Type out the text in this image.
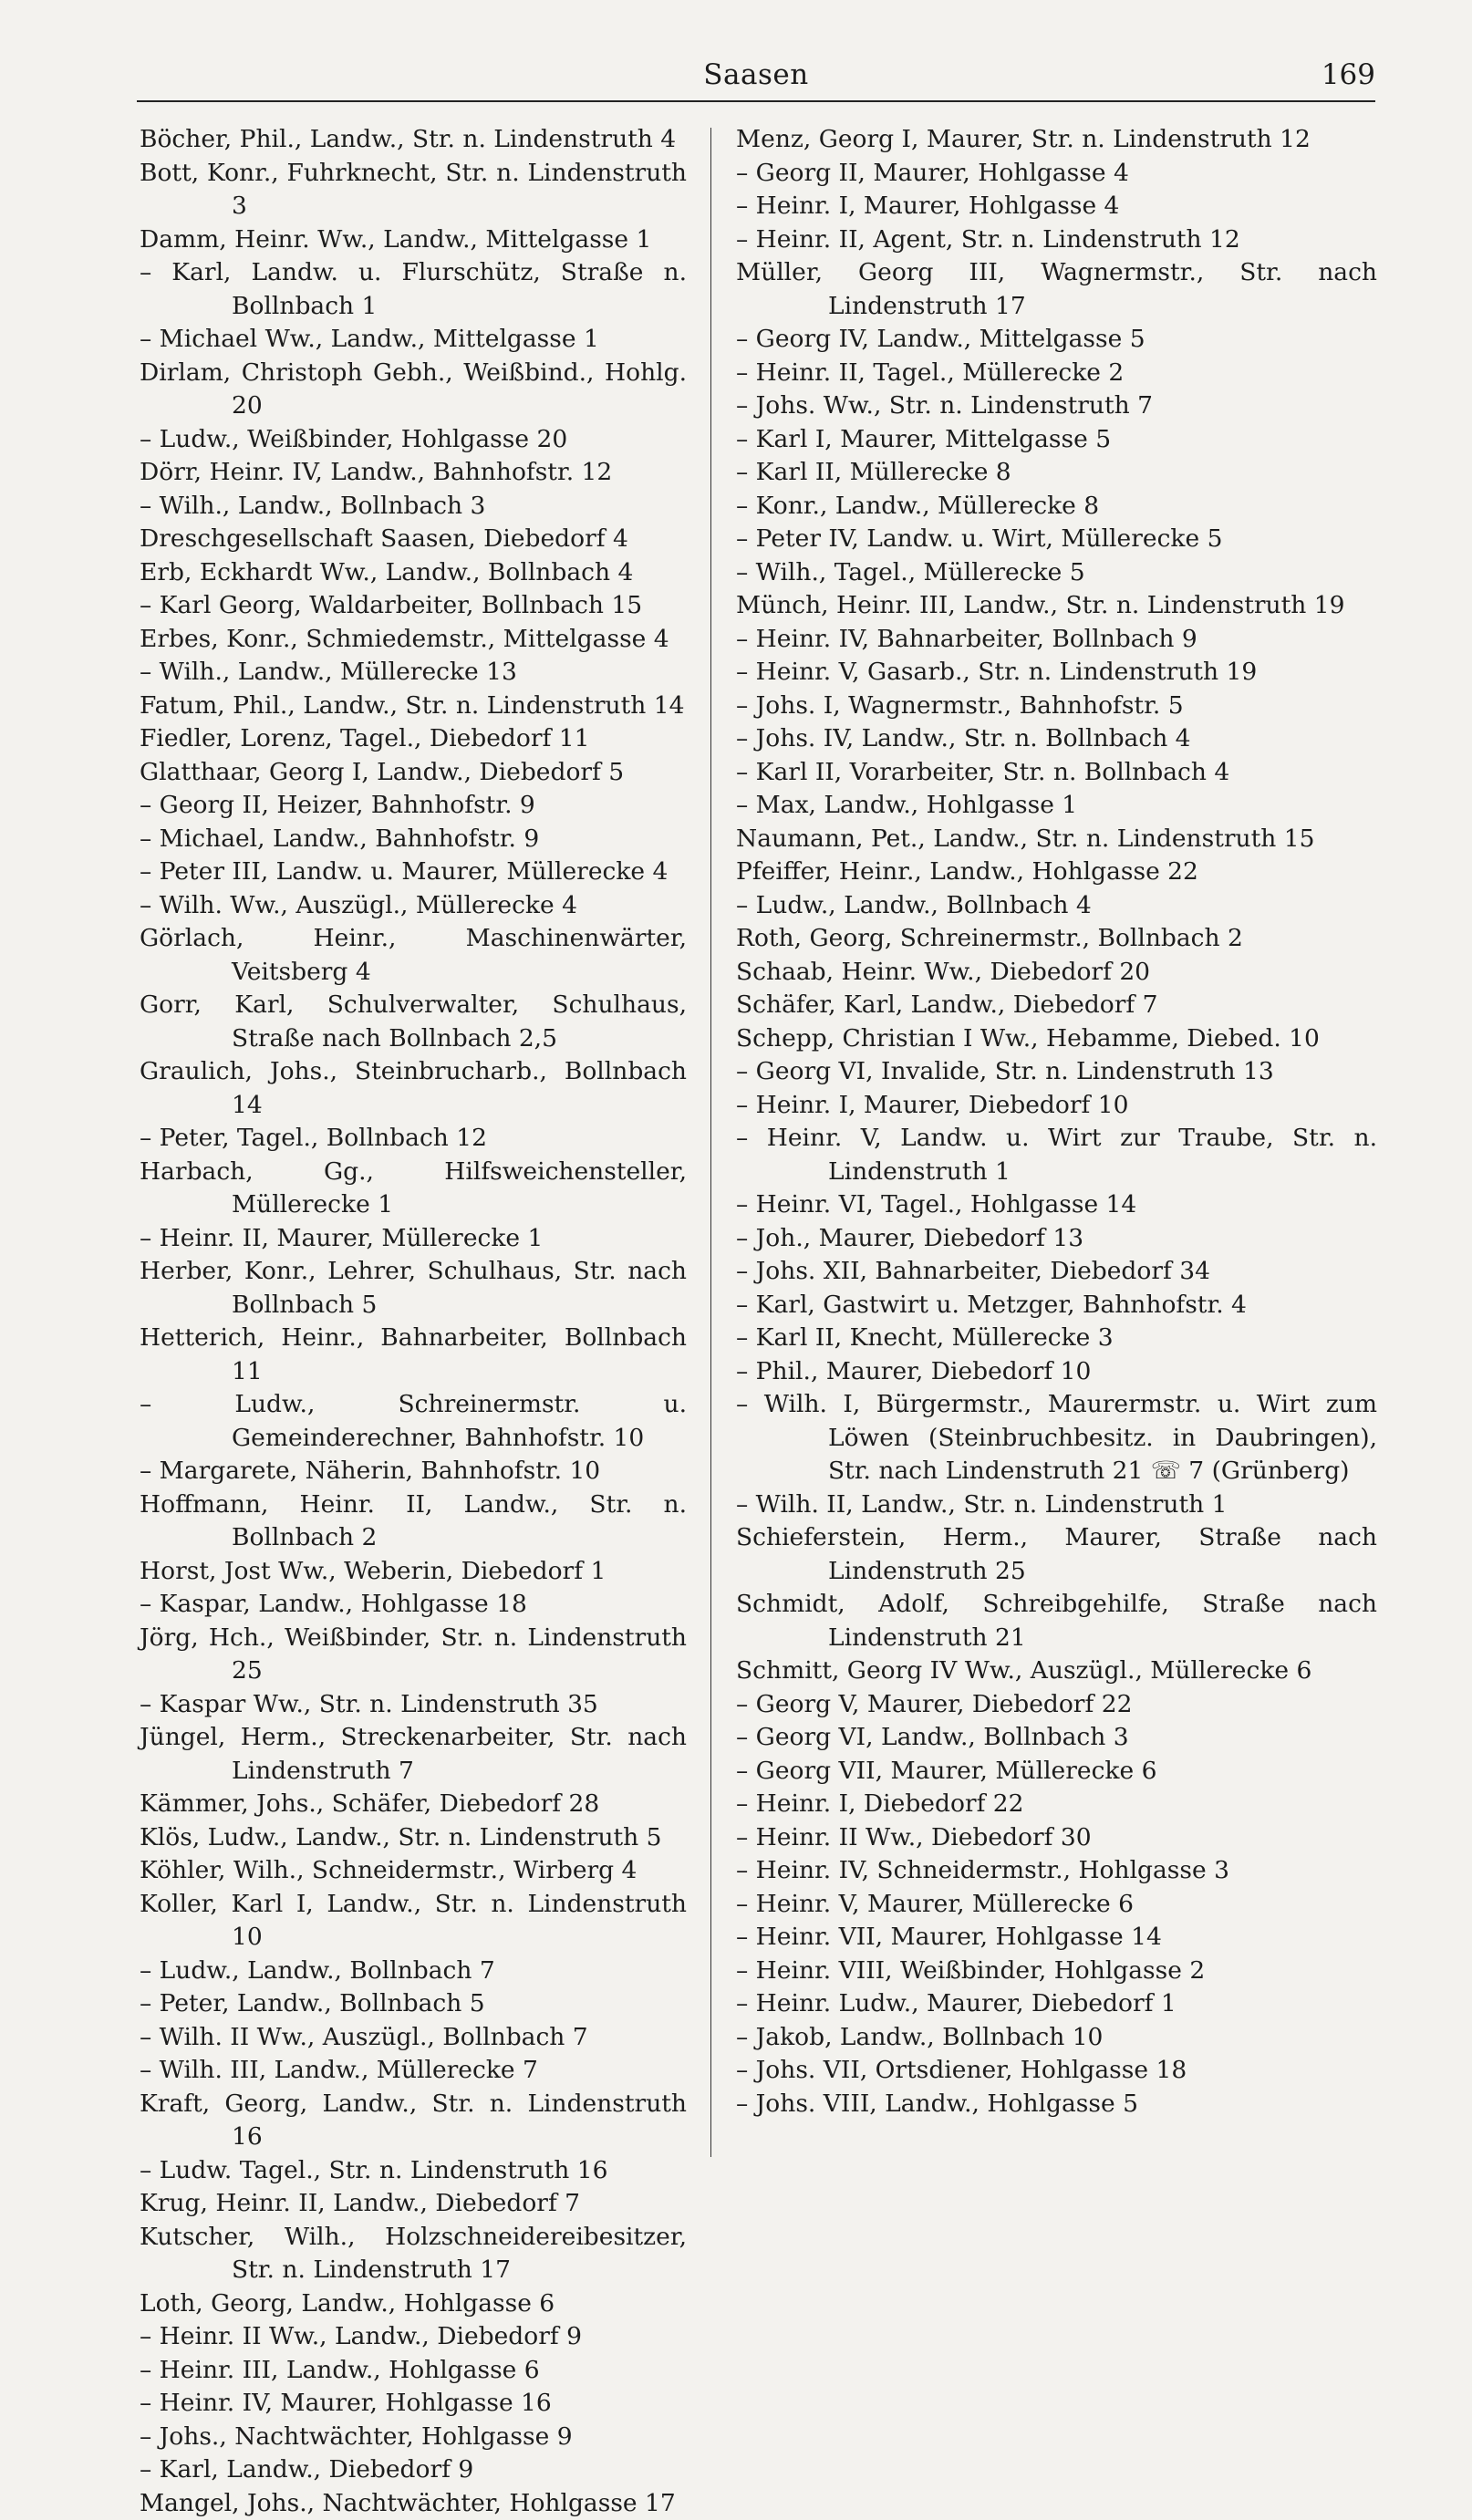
Saasen	169

Böcher, Phil., Landw., Str. n. Lindenstruth 4

Bott, Konr., Fuhrknecht, Str. n. Lindenstruth 3

Damm, Heinr. Ww., Landw., Mittelgasse 1

– Karl, Landw. u. Flurschütz, Straße n. Bollnbach 1

– Michael Ww., Landw., Mittelgasse 1

Dirlam, Christoph Gebh., Weißbind., Hohlg. 20

– Ludw., Weißbinder, Hohlgasse 20

Dörr, Heinr. IV, Landw., Bahnhofstr. 12

– Wilh., Landw., Bollnbach 3

Dreschgesellschaft Saasen, Diebedorf 4

Erb, Eckhardt Ww., Landw., Bollnbach 4

– Karl Georg, Waldarbeiter, Bollnbach 15

Erbes, Konr., Schmiedemstr., Mittelgasse 4

– Wilh., Landw., Müllerecke 13

Fatum, Phil., Landw., Str. n. Lindenstruth 14

Fiedler, Lorenz, Tagel., Diebedorf 11

Glatthaar, Georg I, Landw., Diebedorf 5

– Georg II, Heizer, Bahnhofstr. 9

– Michael, Landw., Bahnhofstr. 9

– Peter III, Landw. u. Maurer, Müllerecke 4

– Wilh. Ww., Auszügl., Müllerecke 4

Görlach, Heinr., Maschinenwärter, Veitsberg 4

Gorr, Karl, Schulverwalter, Schulhaus, Straße nach Bollnbach 2,5

Graulich, Johs., Steinbrucharb., Bollnbach 14

– Peter, Tagel., Bollnbach 12

Harbach, Gg., Hilfsweichensteller, Müllerecke 1

– Heinr. II, Maurer, Müllerecke 1

Herber, Konr., Lehrer, Schulhaus, Str. nach Bollnbach 5

Hetterich, Heinr., Bahnarbeiter, Bollnbach 11

– Ludw., Schreinermstr. u. Gemeinderechner, Bahnhofstr. 10

– Margarete, Näherin, Bahnhofstr. 10

Hoffmann, Heinr. II, Landw., Str. n. Bollnbach 2

Horst, Jost Ww., Weberin, Diebedorf 1

– Kaspar, Landw., Hohlgasse 18

Jörg, Hch., Weißbinder, Str. n. Lindenstruth 25

– Kaspar Ww., Str. n. Lindenstruth 35

Jüngel, Herm., Streckenarbeiter, Str. nach Lindenstruth 7

Kämmer, Johs., Schäfer, Diebedorf 28

Klös, Ludw., Landw., Str. n. Lindenstruth 5

Köhler, Wilh., Schneidermstr., Wirberg 4

Koller, Karl I, Landw., Str. n. Lindenstruth 10

– Ludw., Landw., Bollnbach 7

– Peter, Landw., Bollnbach 5

– Wilh. II Ww., Auszügl., Bollnbach 7

– Wilh. III, Landw., Müllerecke 7

Kraft, Georg, Landw., Str. n. Lindenstruth 16

– Ludw. Tagel., Str. n. Lindenstruth 16

Krug, Heinr. II, Landw., Diebedorf 7

Kutscher, Wilh., Holzschneidereibesitzer, Str. n. Lindenstruth 17

Loth, Georg, Landw., Hohlgasse 6

– Heinr. II Ww., Landw., Diebedorf 9

– Heinr. III, Landw., Hohlgasse 6

– Heinr. IV, Maurer, Hohlgasse 16

– Johs., Nachtwächter, Hohlgasse 9

– Karl, Landw., Diebedorf 9

Mangel, Johs., Nachtwächter, Hohlgasse 17

Menz, Georg I, Maurer, Str. n. Lindenstruth 12

– Georg II, Maurer, Hohlgasse 4

– Heinr. I, Maurer, Hohlgasse 4

– Heinr. II, Agent, Str. n. Lindenstruth 12

Müller, Georg III, Wagnermstr., Str. nach Lindenstruth 17

– Georg IV, Landw., Mittelgasse 5

– Heinr. II, Tagel., Müllerecke 2

– Johs. Ww., Str. n. Lindenstruth 7

– Karl I, Maurer, Mittelgasse 5

– Karl II, Müllerecke 8

– Konr., Landw., Müllerecke 8

– Peter IV, Landw. u. Wirt, Müllerecke 5

– Wilh., Tagel., Müllerecke 5

Münch, Heinr. III, Landw., Str. n. Lindenstruth 19

– Heinr. IV, Bahnarbeiter, Bollnbach 9

– Heinr. V, Gasarb., Str. n. Lindenstruth 19

– Johs. I, Wagnermstr., Bahnhofstr. 5

– Johs. IV, Landw., Str. n. Bollnbach 4

– Karl II, Vorarbeiter, Str. n. Bollnbach 4

– Max, Landw., Hohlgasse 1

Naumann, Pet., Landw., Str. n. Lindenstruth 15

Pfeiffer, Heinr., Landw., Hohlgasse 22

– Ludw., Landw., Bollnbach 4

Roth, Georg, Schreinermstr., Bollnbach 2

Schaab, Heinr. Ww., Diebedorf 20

Schäfer, Karl, Landw., Diebedorf 7

Schepp, Christian I Ww., Hebamme, Diebed. 10

– Georg VI, Invalide, Str. n. Lindenstruth 13

– Heinr. I, Maurer, Diebedorf 10

– Heinr. V, Landw. u. Wirt zur Traube, Str. n. Lindenstruth 1

– Heinr. VI, Tagel., Hohlgasse 14

– Joh., Maurer, Diebedorf 13

– Johs. XII, Bahnarbeiter, Diebedorf 34

– Karl, Gastwirt u. Metzger, Bahnhofstr. 4

– Karl II, Knecht, Müllerecke 3

– Phil., Maurer, Diebedorf 10

– Wilh. I, Bürgermstr., Maurermstr. u. Wirt zum Löwen (Steinbruchbesitz. in Daubringen), Str. nach Lindenstruth 21 ☏ 7 (Grünberg)

– Wilh. II, Landw., Str. n. Lindenstruth 1

Schieferstein, Herm., Maurer, Straße nach Lindenstruth 25

Schmidt, Adolf, Schreibgehilfe, Straße nach Lindenstruth 21

Schmitt, Georg IV Ww., Auszügl., Müllerecke 6

– Georg V, Maurer, Diebedorf 22

– Georg VI, Landw., Bollnbach 3

– Georg VII, Maurer, Müllerecke 6

– Heinr. I, Diebedorf 22

– Heinr. II Ww., Diebedorf 30

– Heinr. IV, Schneidermstr., Hohlgasse 3

– Heinr. V, Maurer, Müllerecke 6

– Heinr. VII, Maurer, Hohlgasse 14

– Heinr. VIII, Weißbinder, Hohlgasse 2

– Heinr. Ludw., Maurer, Diebedorf 1

– Jakob, Landw., Bollnbach 10

– Johs. VII, Ortsdiener, Hohlgasse 18

– Johs. VIII, Landw., Hohlgasse 5
